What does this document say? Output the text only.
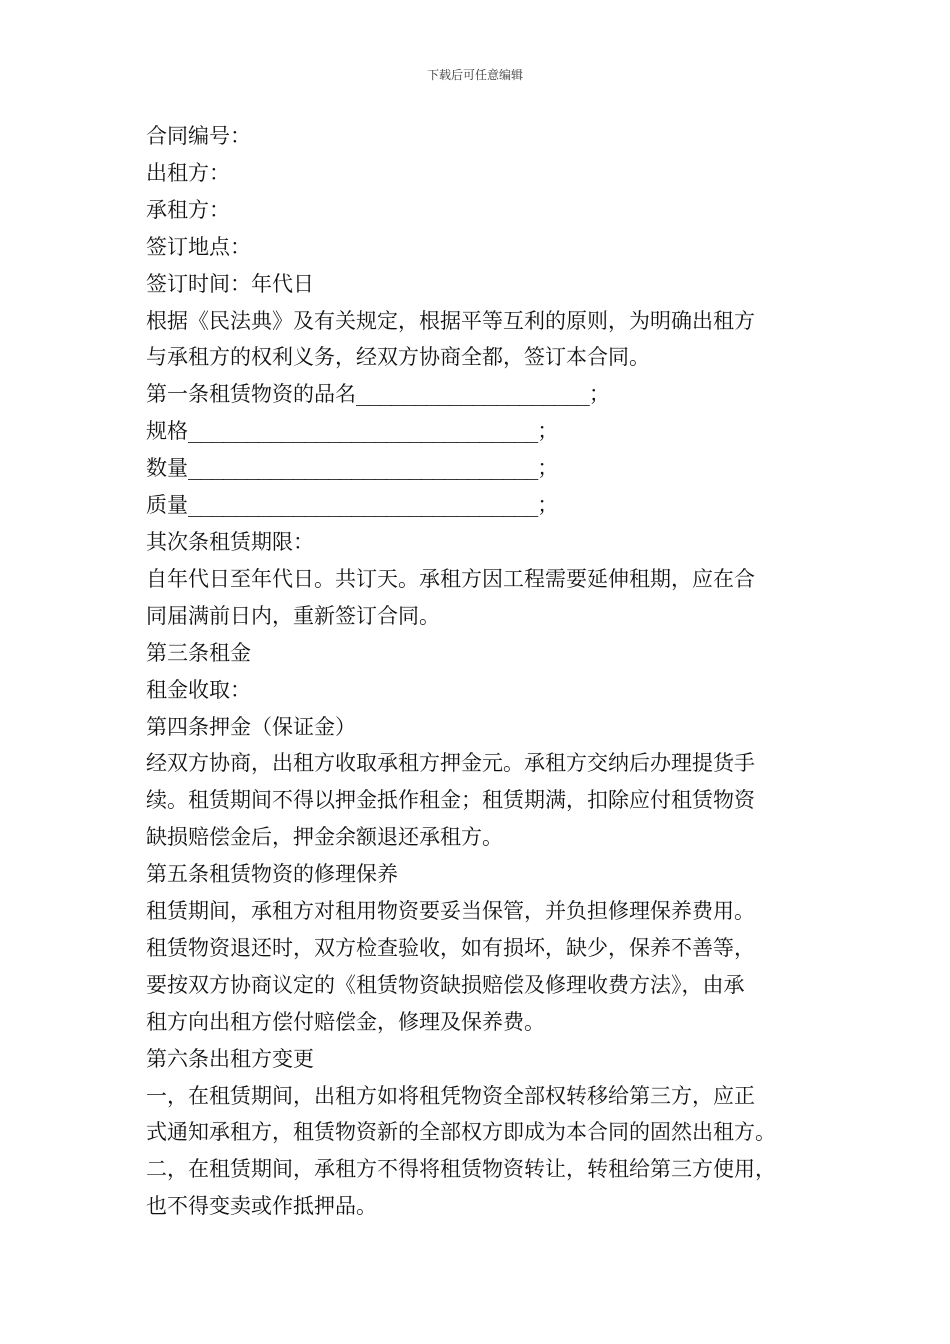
下载后可任意编辑
合同编号：
出租方：
承租方：
签订地点：
签订时间：年代日
根据《民法典》及有关规定，根据平等互利的原则，为明确出租方
与承租方的权利义务，经双方协商全都，签订本合同。
第一条租赁物资的品名____________________；
规格______________________________；
数量______________________________；
质量______________________________；
其次条租赁期限：
自年代日至年代日。共订天。承租方因工程需要延伸租期，应在合
同届满前日内，重新签订合同。
第三条租金
租金收取：
第四条押金（保证金）
经双方协商，出租方收取承租方押金元。承租方交纳后办理提货手
续。租赁期间不得以押金抵作租金；租赁期满，扣除应付租赁物资
缺损赔偿金后，押金余额退还承租方。
第五条租赁物资的修理保养
租赁期间，承租方对租用物资要妥当保管，并负担修理保养费用。
租赁物资退还时，双方检查验收，如有损坏，缺少，保养不善等，
要按双方协商议定的《租赁物资缺损赔偿及修理收费方法》，由承
租方向出租方偿付赔偿金，修理及保养费。
第六条出租方变更
一，在租赁期间，出租方如将租凭物资全部权转移给第三方，应正
式通知承租方，租赁物资新的全部权方即成为本合同的固然出租方。
二，在租赁期间，承租方不得将租赁物资转让，转租给第三方使用，
也不得变卖或作抵押品。
